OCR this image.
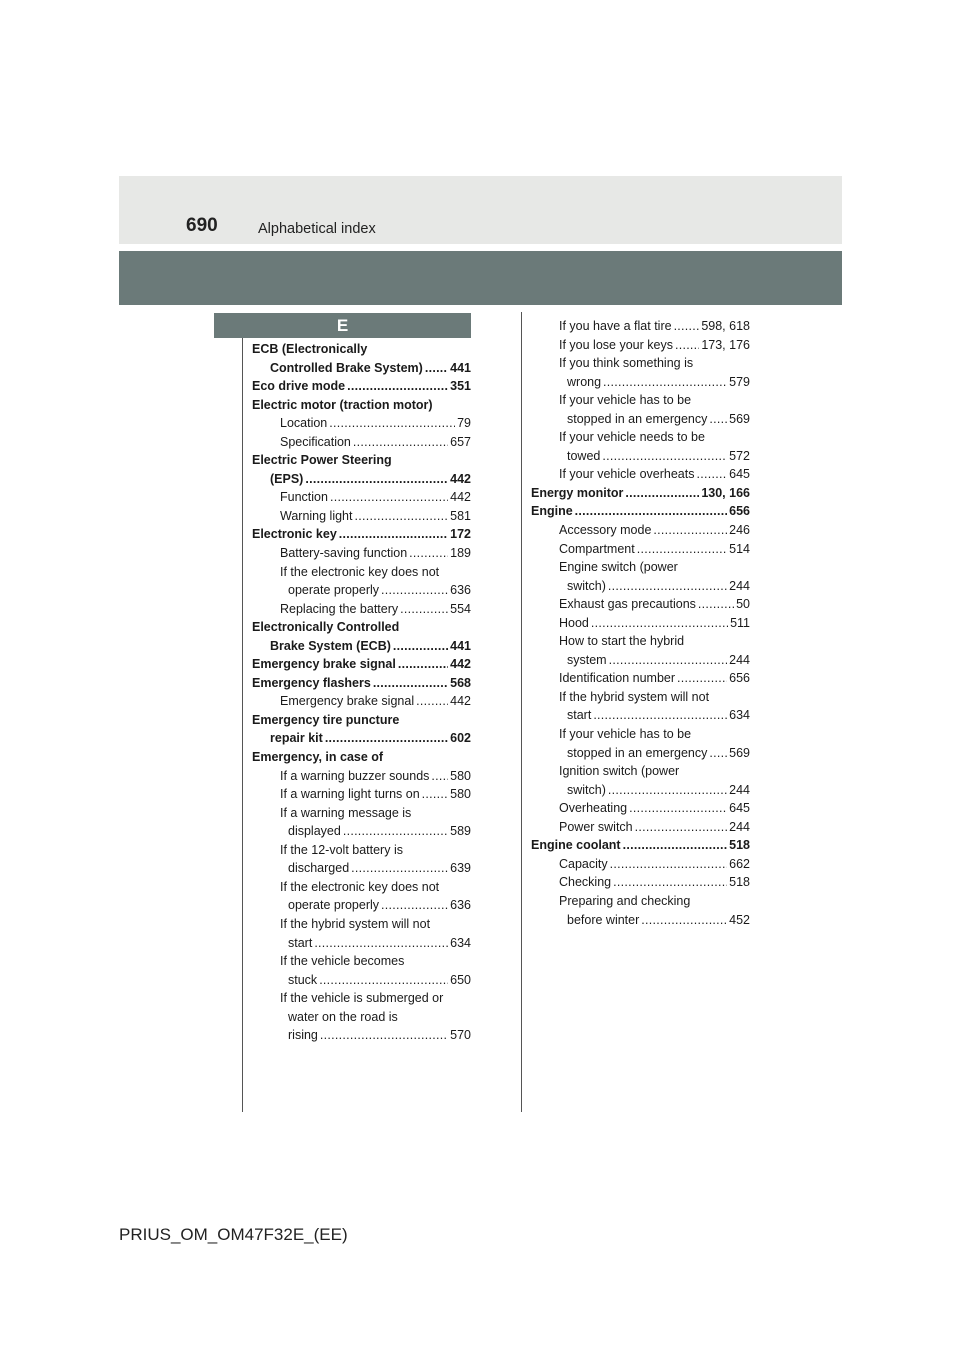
690	Alphabetical index
E
ECB (Electronically
Controlled Brake System) . . . 441
Eco drive mode . . .	351
Electric motor (traction motor)
Location . . .	79
Specification . . .	657
Electric Power Steering
(EPS) . . .	442
Function . . .	442
Warning light . . .	581
Electronic key . . .	172
Battery-saving function . . .	189
If the electronic key does not
operate properly . . .	636
Replacing the battery . . .	554
Electronically Controlled
Brake System (ECB) . . .	441
Emergency brake signal . . .	442
Emergency flashers . . .	568
Emergency brake signal . . .	442
Emergency tire puncture
repair kit . . .	602
Emergency, in case of
If a warning buzzer sounds . . . 580
If a warning light turns on . . . 580
If a warning message is
displayed . . .	589
If the 12-volt battery is
discharged . . .	639
If the electronic key does not
operate properly . . .	636
If the hybrid system will not
start . . .	634
If the vehicle becomes
stuck . . .	650
If the vehicle is submerged or
water on the road is
rising . . .	570
If you have a flat tire . . . 598, 618
If you lose your keys . . . 173, 176
If you think something is
wrong . . .	579
If your vehicle has to be
stopped in an emergency . . . 569
If your vehicle needs to be
towed . . .	572
If your vehicle overheats . . .	645
Energy monitor . . .	130, 166
Engine . . .	656
Accessory mode . . .	246
Compartment . . .	514
Engine switch (power
switch) . . .	244
Exhaust gas precautions . . .	50
Hood . . .	511
How to start the hybrid
system . . .	244
Identification number . . .	656
If the hybrid system will not
start . . .	634
If your vehicle has to be
stopped in an emergency . . . 569
Ignition switch (power
switch) . . .	244
Overheating . . .	645
Power switch . . .	244
Engine coolant . . .	518
Capacity . . .	662
Checking . . .	518
Preparing and checking
before winter . . .	452
PRIUS_OM_OM47F32E_(EE)
